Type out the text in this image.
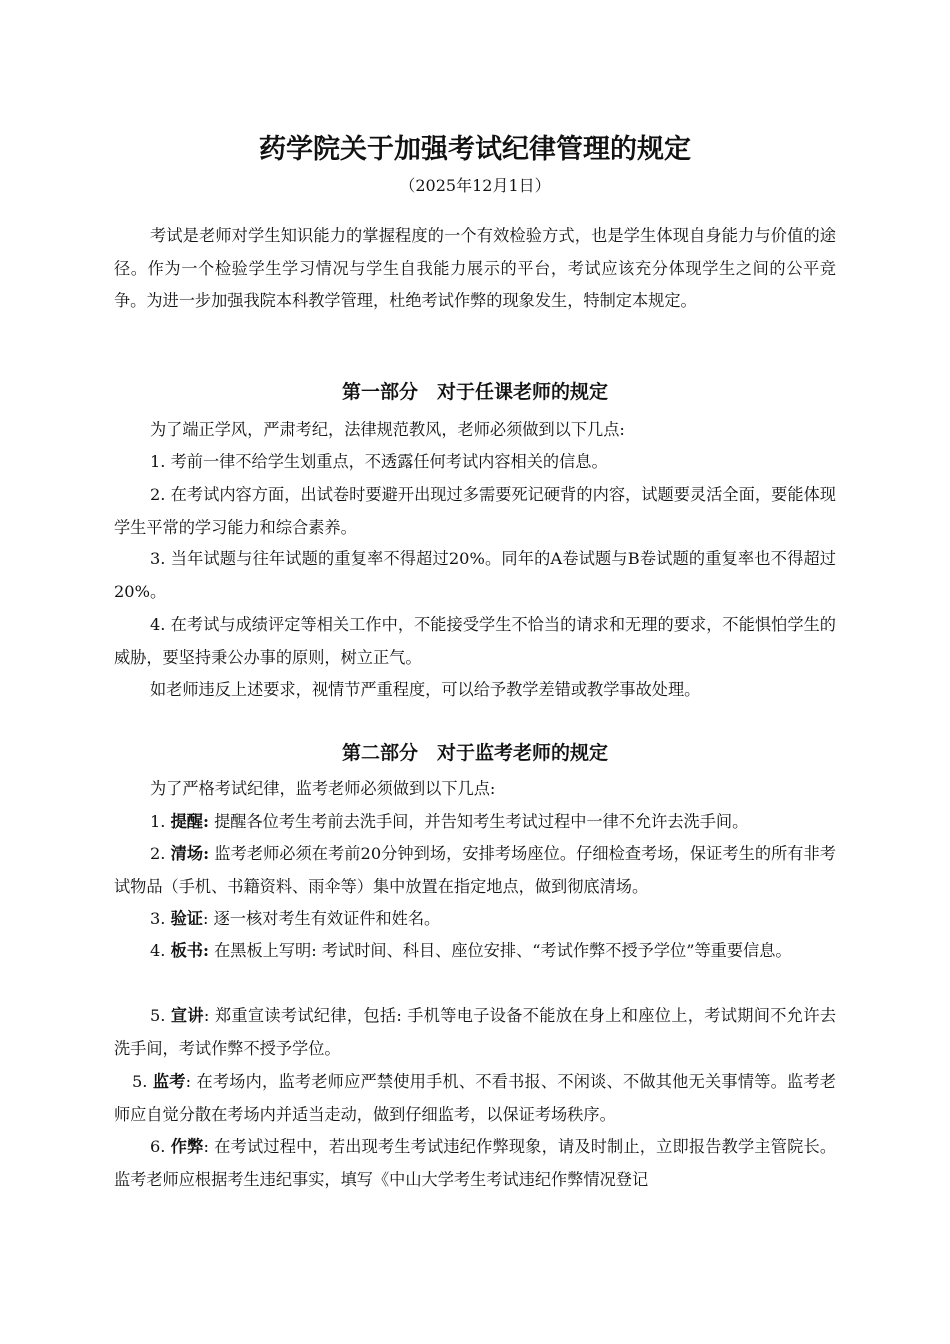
药学院关于加强考试纪律管理的规定
（2025年12月1日）

考试是老师对学生知识能力的掌握程度的一个有效检验方式，也是学生体现自身能力与价值的途径。作为一个检验学生学习情况与学生自我能力展示的平台，考试应该充分体现学生之间的公平竞争。为进一步加强我院本科教学管理，杜绝考试作弊的现象发生，特制定本规定。

第一部分　对于任课老师的规定

为了端正学风，严肃考纪，法律规范教风，老师必须做到以下几点:

1. 考前一律不给学生划重点，不透露任何考试内容相关的信息。

2. 在考试内容方面，出试卷时要避开出现过多需要死记硬背的内容，试题要灵活全面，要能体现学生平常的学习能力和综合素养。

3. 当年试题与往年试题的重复率不得超过20%。同年的A卷试题与B卷试题的重复率也不得超过20%。

4. 在考试与成绩评定等相关工作中，不能接受学生不恰当的请求和无理的要求，不能惧怕学生的威胁，要坚持秉公办事的原则，树立正气。

如老师违反上述要求，视情节严重程度，可以给予教学差错或教学事故处理。

第二部分　对于监考老师的规定

为了严格考试纪律，监考老师必须做到以下几点:

1. 提醒: 提醒各位考生考前去洗手间，并告知考生考试过程中一律不允许去洗手间。

2. 清场: 监考老师必须在考前20分钟到场，安排考场座位。仔细检查考场，保证考生的所有非考试物品（手机、书籍资料、雨伞等）集中放置在指定地点，做到彻底清场。

3. 验证: 逐一核对考生有效证件和姓名。

4. 板书: 在黑板上写明: 考试时间、科目、座位安排、“考试作弊不授予学位”等重要信息。

5. 宣讲: 郑重宣读考试纪律，包括: 手机等电子设备不能放在身上和座位上，考试期间不允许去洗手间，考试作弊不授予学位。

5. 监考: 在考场内，监考老师应严禁使用手机、不看书报、不闲谈、不做其他无关事情等。监考老师应自觉分散在考场内并适当走动，做到仔细监考，以保证考场秩序。

6. 作弊: 在考试过程中，若出现考生考试违纪作弊现象，请及时制止，立即报告教学主管院长。监考老师应根据考生违纪事实，填写《中山大学考生考试违纪作弊情况登记
